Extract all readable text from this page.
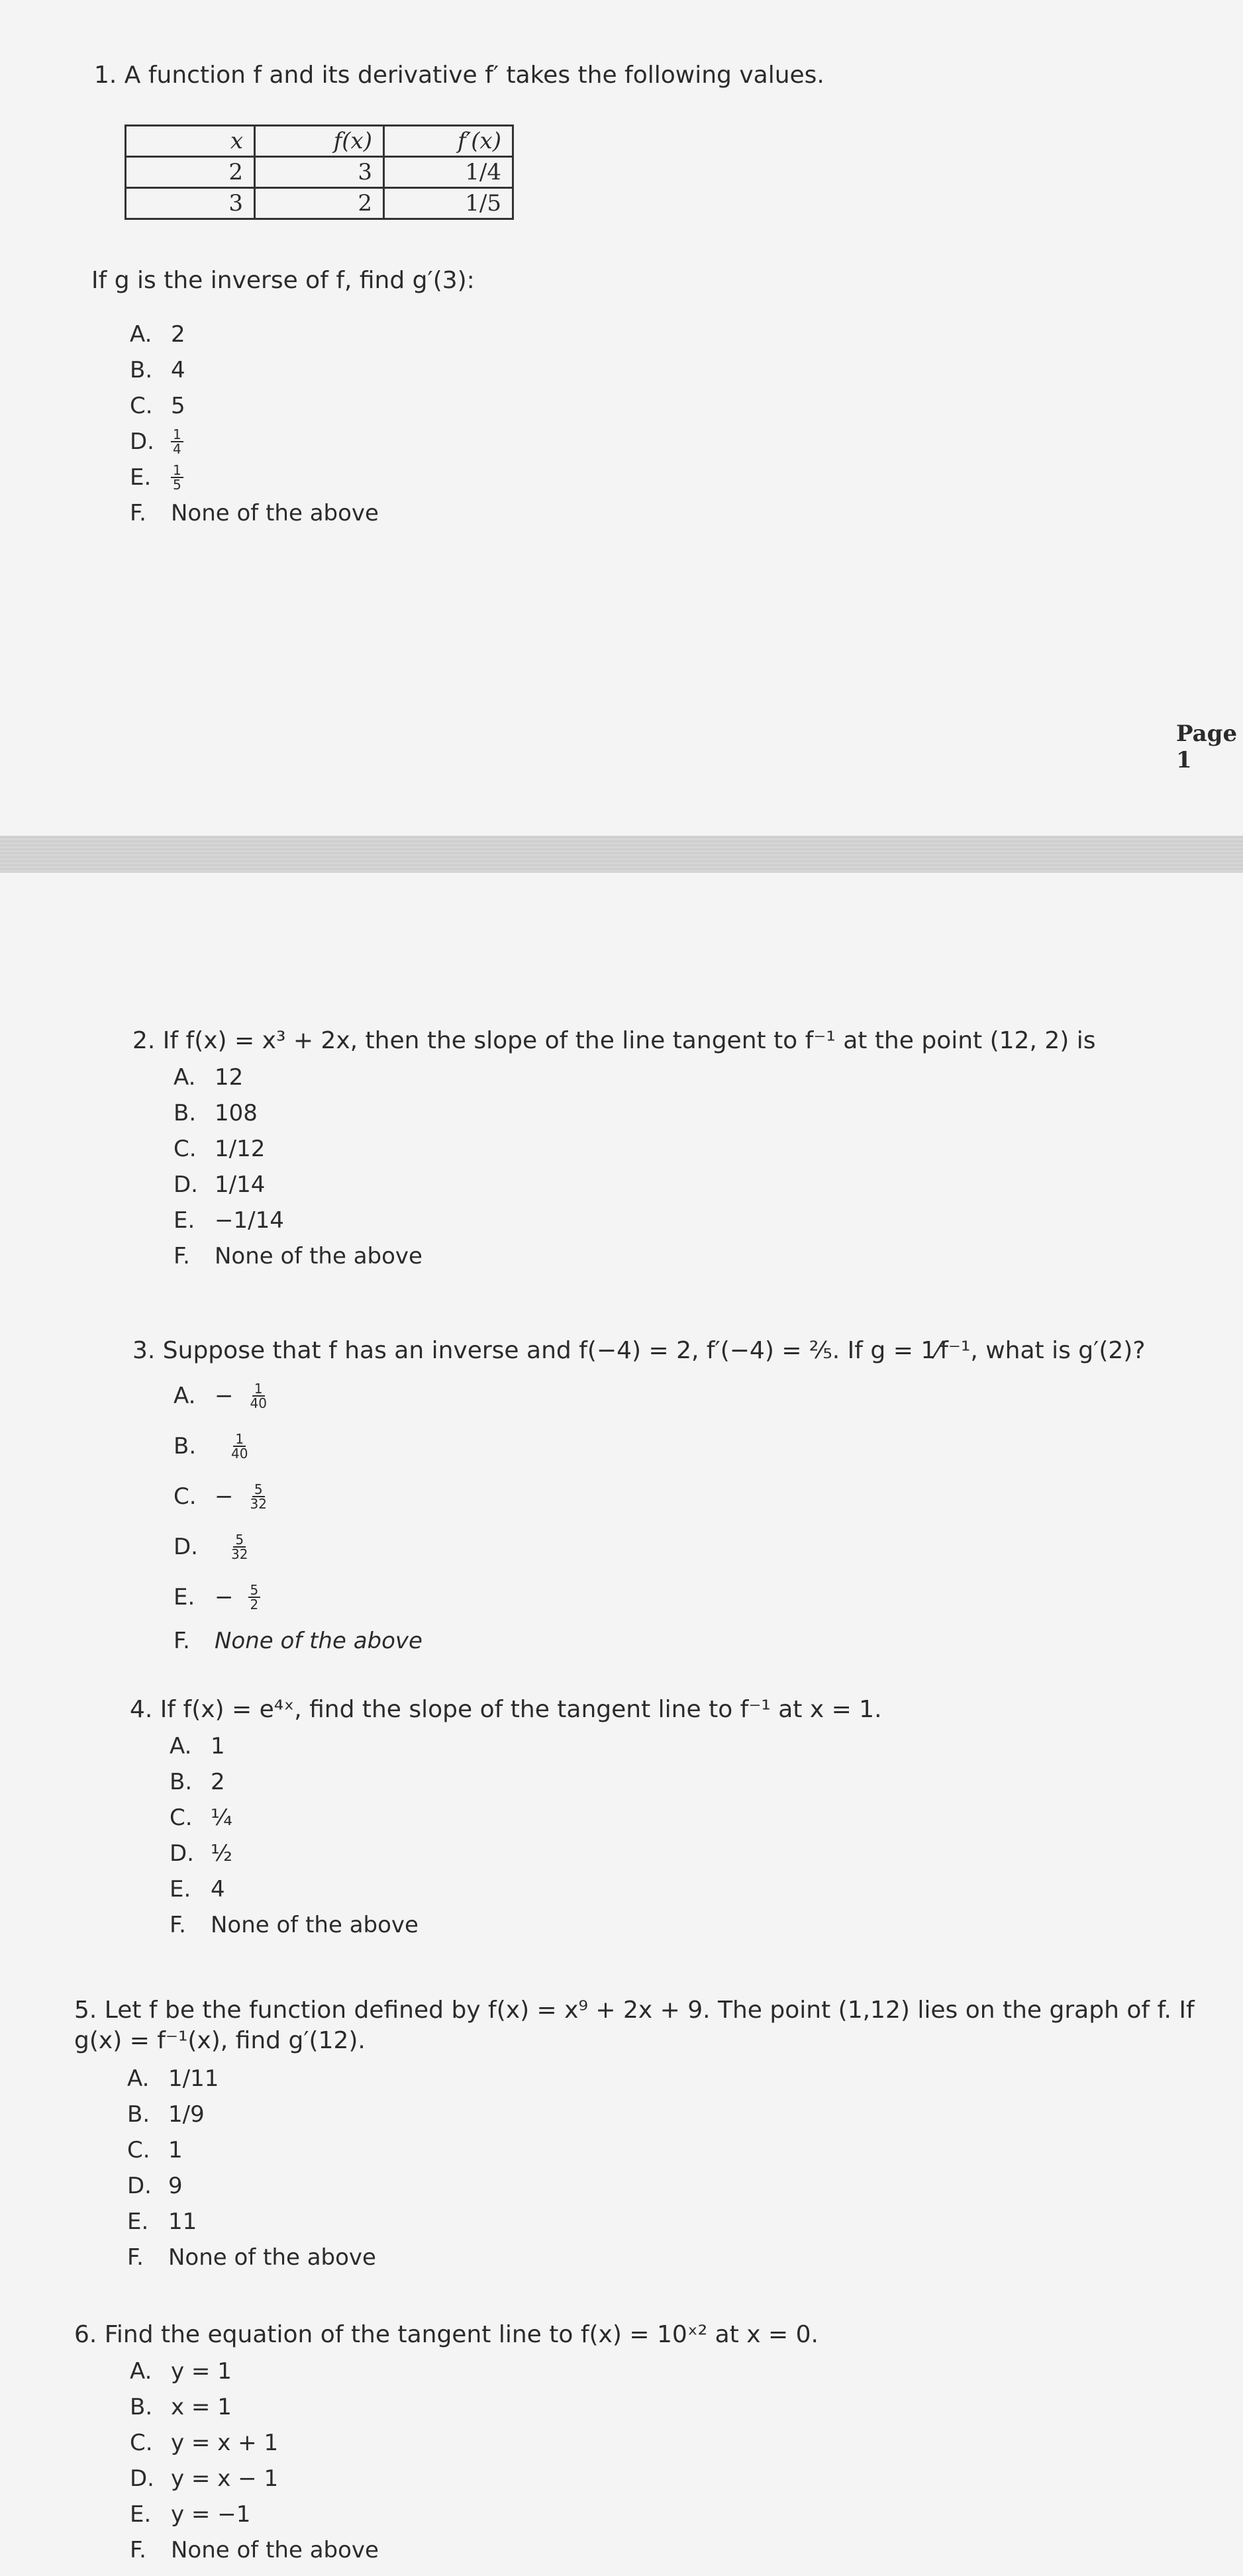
1. A function f and its derivative f′ takes the following values.
x	f(x)	f′(x)
2	3	1/4
3	2	1/5
If g is the inverse of f, find g′(3):
A. 2
B. 4
C. 5
D.	$\frac{1}{4}$
E.	$\frac{1}{5}$
F.	None of the above
Page 1
2. If f(x) = x³ + 2x, then the slope of the line tangent to f⁻¹ at the point (12, 2) is
A. 12
B. 108
C. 1/12
D. 1/14
E. −1/14
F.	None of the above
3. Suppose that f has an inverse and f(−4) = 2, f′(−4) = ²⁄₅. If g = 1⁄f⁻¹, what is g′(2)?
A. − $\frac{1}{40}$
B.	$\frac{1}{40}$
C. − $\frac{5}{32}$
D.	$\frac{5}{32}$
E. − $\frac{5}{2}$
F.	None of the above
4. If f(x) = e⁴ˣ, find the slope of the tangent line to f⁻¹ at x = 1.
A. 1
B. 2
C. ¼
D. ½
E. 4
F.	None of the above
5. Let f be the function defined by f(x) = x⁹ + 2x + 9. The point (1,12) lies on the graph of f. If
g(x) = f⁻¹(x), find g′(12).
A. 1/11
B. 1/9
C. 1
D. 9
E. 11
F.	None of the above
6. Find the equation of the tangent line to f(x) = 10ˣ² at x = 0.
A. y = 1
B. x = 1
C. y = x + 1
D. y = x − 1
E. y = −1
F.	None of the above
